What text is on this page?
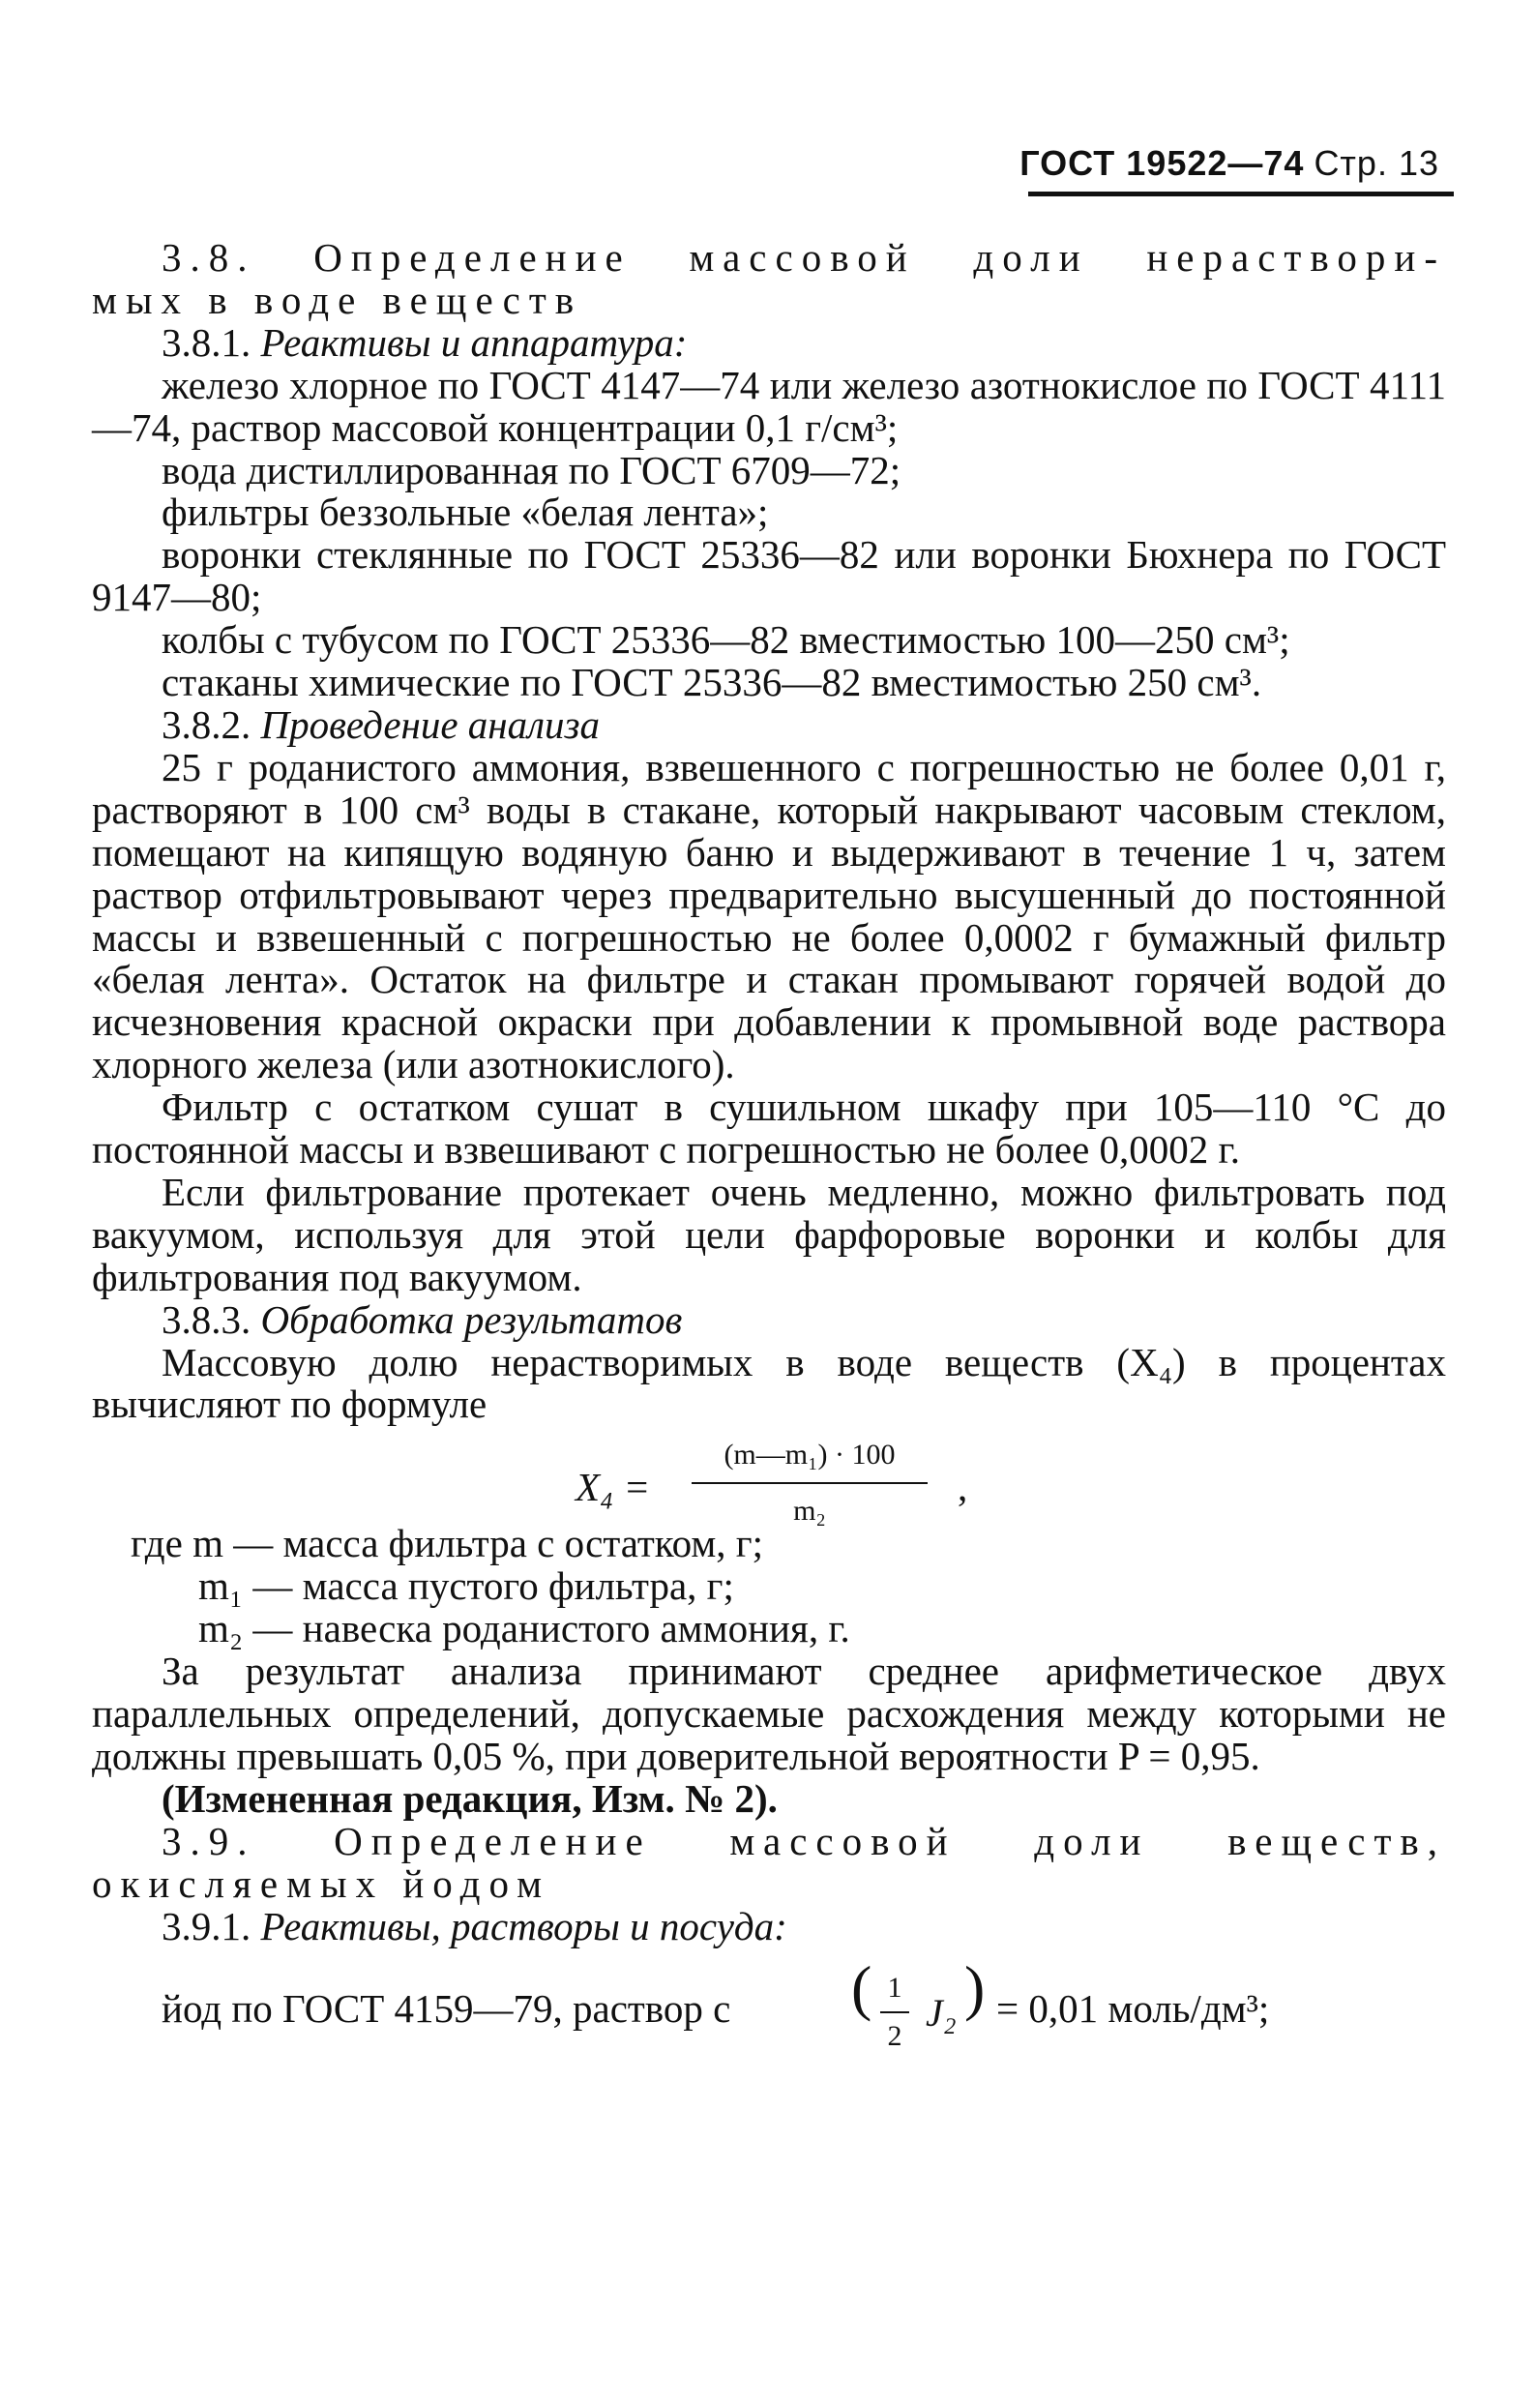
ГОСТ 19522—74 Стр. 13

3.8. Определение массовой доли нераствори-

мых в воде веществ

3.8.1. Реактивы и аппаратура:

железо хлорное по ГОСТ 4147—74 или железо азотнокислое по ГОСТ 4111—74, раствор массовой концентрации 0,1 г/см³;

вода дистиллированная по ГОСТ 6709—72;

фильтры беззольные «белая лента»;

воронки стеклянные по ГОСТ 25336—82 или воронки Бюхнера по ГОСТ 9147—80;

колбы с тубусом по ГОСТ 25336—82 вместимостью 100—250 см³;

стаканы химические по ГОСТ 25336—82 вместимостью 250 см³.

3.8.2. Проведение анализа

25 г роданистого аммония, взвешенного с погрешностью не более 0,01 г, растворяют в 100 см³ воды в стакане, который накрывают часовым стеклом, помещают на кипящую водяную баню и выдерживают в течение 1 ч, затем раствор отфильтровывают через предварительно высушенный до постоянной массы и взвешенный с погрешностью не более 0,0002 г бумажный фильтр «белая лента». Остаток на фильтре и стакан промывают горячей водой до исчезновения красной окраски при добавлении к промывной воде раствора хлорного железа (или азотнокислого).

Фильтр с остатком сушат в сушильном шкафу при 105—110 °С до постоянной массы и взвешивают с погрешностью не более 0,0002 г.

Если фильтрование протекает очень медленно, можно фильтровать под вакуумом, используя для этой цели фарфоровые воронки и колбы для фильтрования под вакуумом.

3.8.3. Обработка результатов

Массовую долю нерастворимых в воде веществ (X₄) в процентах вычисляют по формуле

$X_4 = \frac{\text{(m—m₁) · 100}}{\text{m₂}}$ ,

где m — масса фильтра с остатком, г;

m₁ — масса пустого фильтра, г;

m₂ — навеска роданистого аммония, г.

За результат анализа принимают среднее арифметическое двух параллельных определений, допускаемые расхождения между которыми не должны превышать 0,05 %, при доверительной вероятности P = 0,95.

(Измененная редакция, Изм. № 2).

3.9. Определение массовой доли веществ,

окисляемых йодом

3.9.1. Реактивы, растворы и посуда:

йод по ГОСТ 4159—79, раствор с ( $\frac{1}{2} J_2$ ) = 0,01 моль/дм³;
